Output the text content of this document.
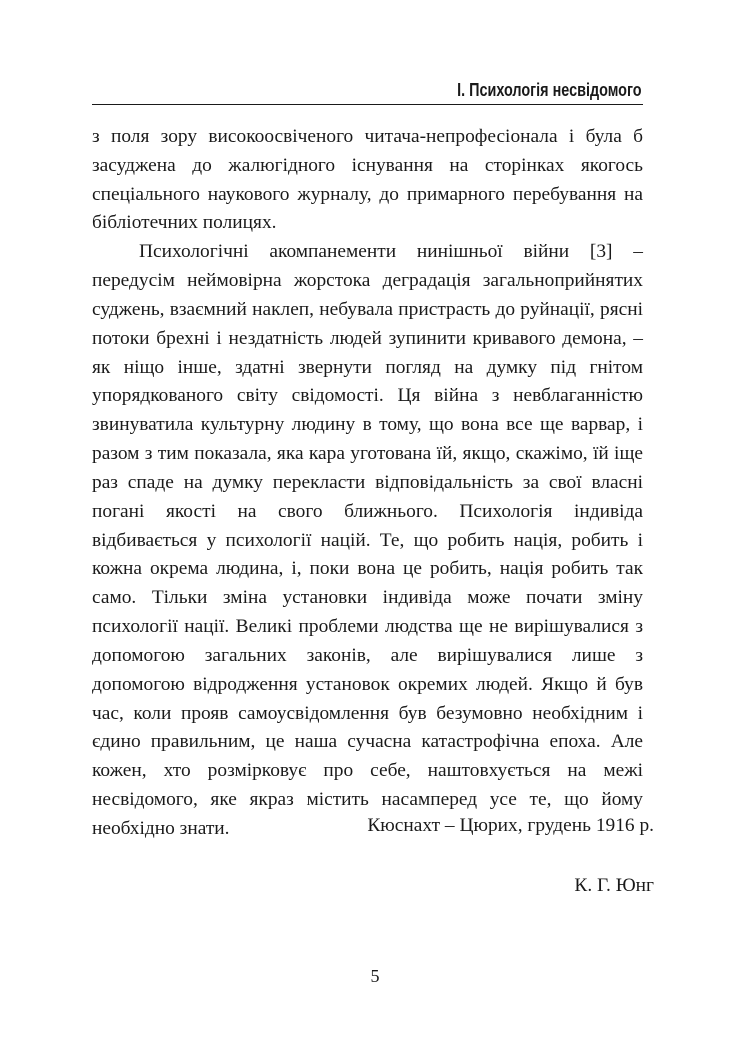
I. Психологія несвідомого

з поля зору високоосвіченого читача-непрофесіонала і була б засуджена до жалюгідного існування на сторінках якогось спеціального наукового журналу, до примарного перебування на бібліотечних полицях.

Психологічні акомпанементи нинішньої війни [3] – передусім неймовірна жорстока деградація загальноприйнятих суджень, взаємний наклеп, небувала пристрасть до руйнації, рясні потоки брехні і нездатність людей зупинити кривавого демона, – як ніщо інше, здатні звернути погляд на думку під гнітом упорядкованого світу свідомості. Ця війна з невблаганністю звинуватила культурну людину в тому, що вона все ще варвар, і разом з тим показала, яка кара уготована їй, якщо, скажімо, їй іще раз спаде на думку перекласти відповідальність за свої власні погані якості на свого ближнього. Психологія індивіда відбивається у психології націй. Те, що робить нація, робить і кожна окрема людина, і, поки вона це робить, нація робить так само. Тільки зміна установки індивіда може почати зміну психології нації. Великі проблеми людства ще не вирішувалися з допомогою загальних законів, але вирішувалися лише з допомогою відродження установок окремих людей. Якщо й був час, коли прояв самоусвідомлення був безумовно необхідним і єдино правильним, це наша сучасна катастрофічна епоха. Але кожен, хто розмірковує про себе, наштовхується на межі несвідомого, яке якраз містить насамперед усе те, що йому необхідно знати.	Кюснахт – Цюрих, грудень 1916 р.
К. Г. Юнг
5
